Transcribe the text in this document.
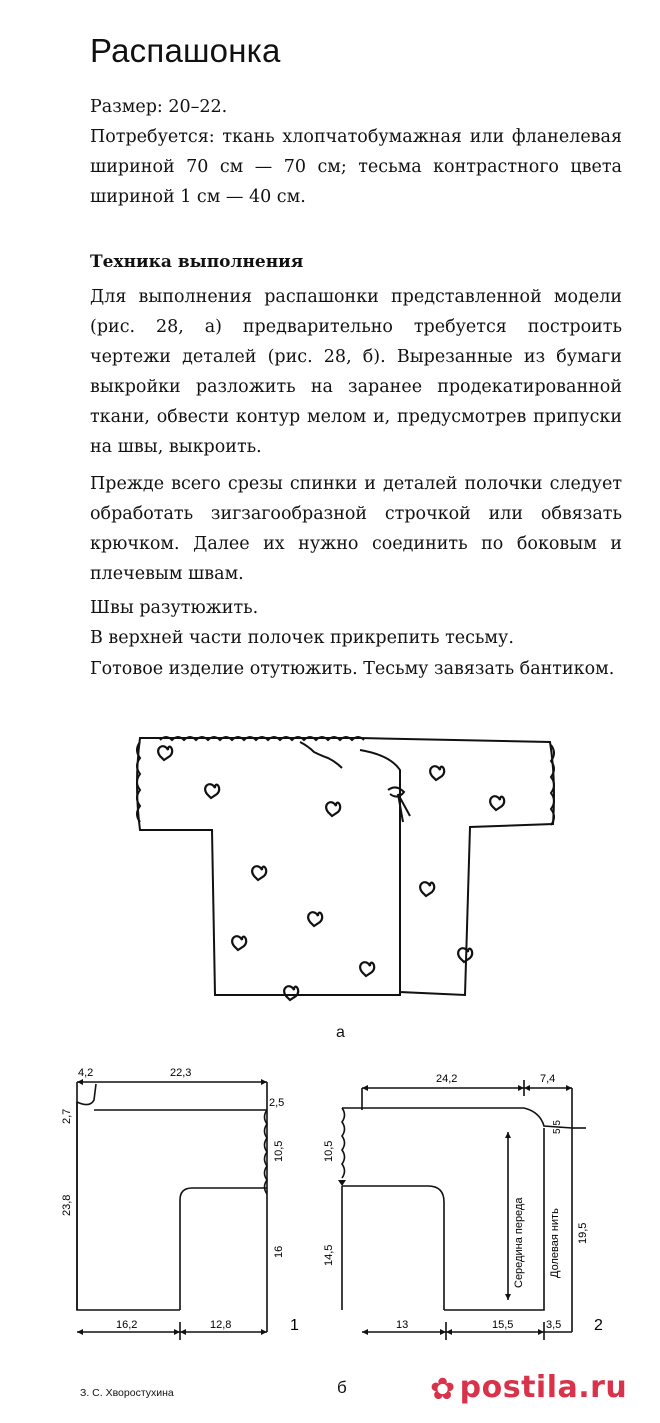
Распашонка

Размер: 20–22.

Потребуется: ткань хлопчатобумажная или фланелевая шириной 70 см — 70 см; тесьма контрастного цвета шириной 1 см — 40 см.

Техника выполнения

Для выполнения распашонки представленной модели (рис. 28, а) предварительно требуется построить чертежи деталей (рис. 28, б). Вырезанные из бумаги выкройки разложить на заранее продекатированной ткани, обвести контур мелом и, предусмотрев припуски на швы, выкроить.

Прежде всего срезы спинки и деталей полочки следует обработать зигзагообразной строчкой или обвязать крючком. Далее их нужно соединить по боковым и плечевым швам.

Швы разутюжить.

В верхней части полочек прикрепить тесьму.

Готовое изделие отутюжить. Тесьму завязать бантиком.

а
4,2	22,3
2,5
2,7
23,8
10,5
16
16,2	12,8	1
24,2	7,4
5,5
10,5
14,5
19,5
Середина переда Долевая нить
13	15,5	3,5 2
З. С. Хворостухина	б	✿ postila.ru
